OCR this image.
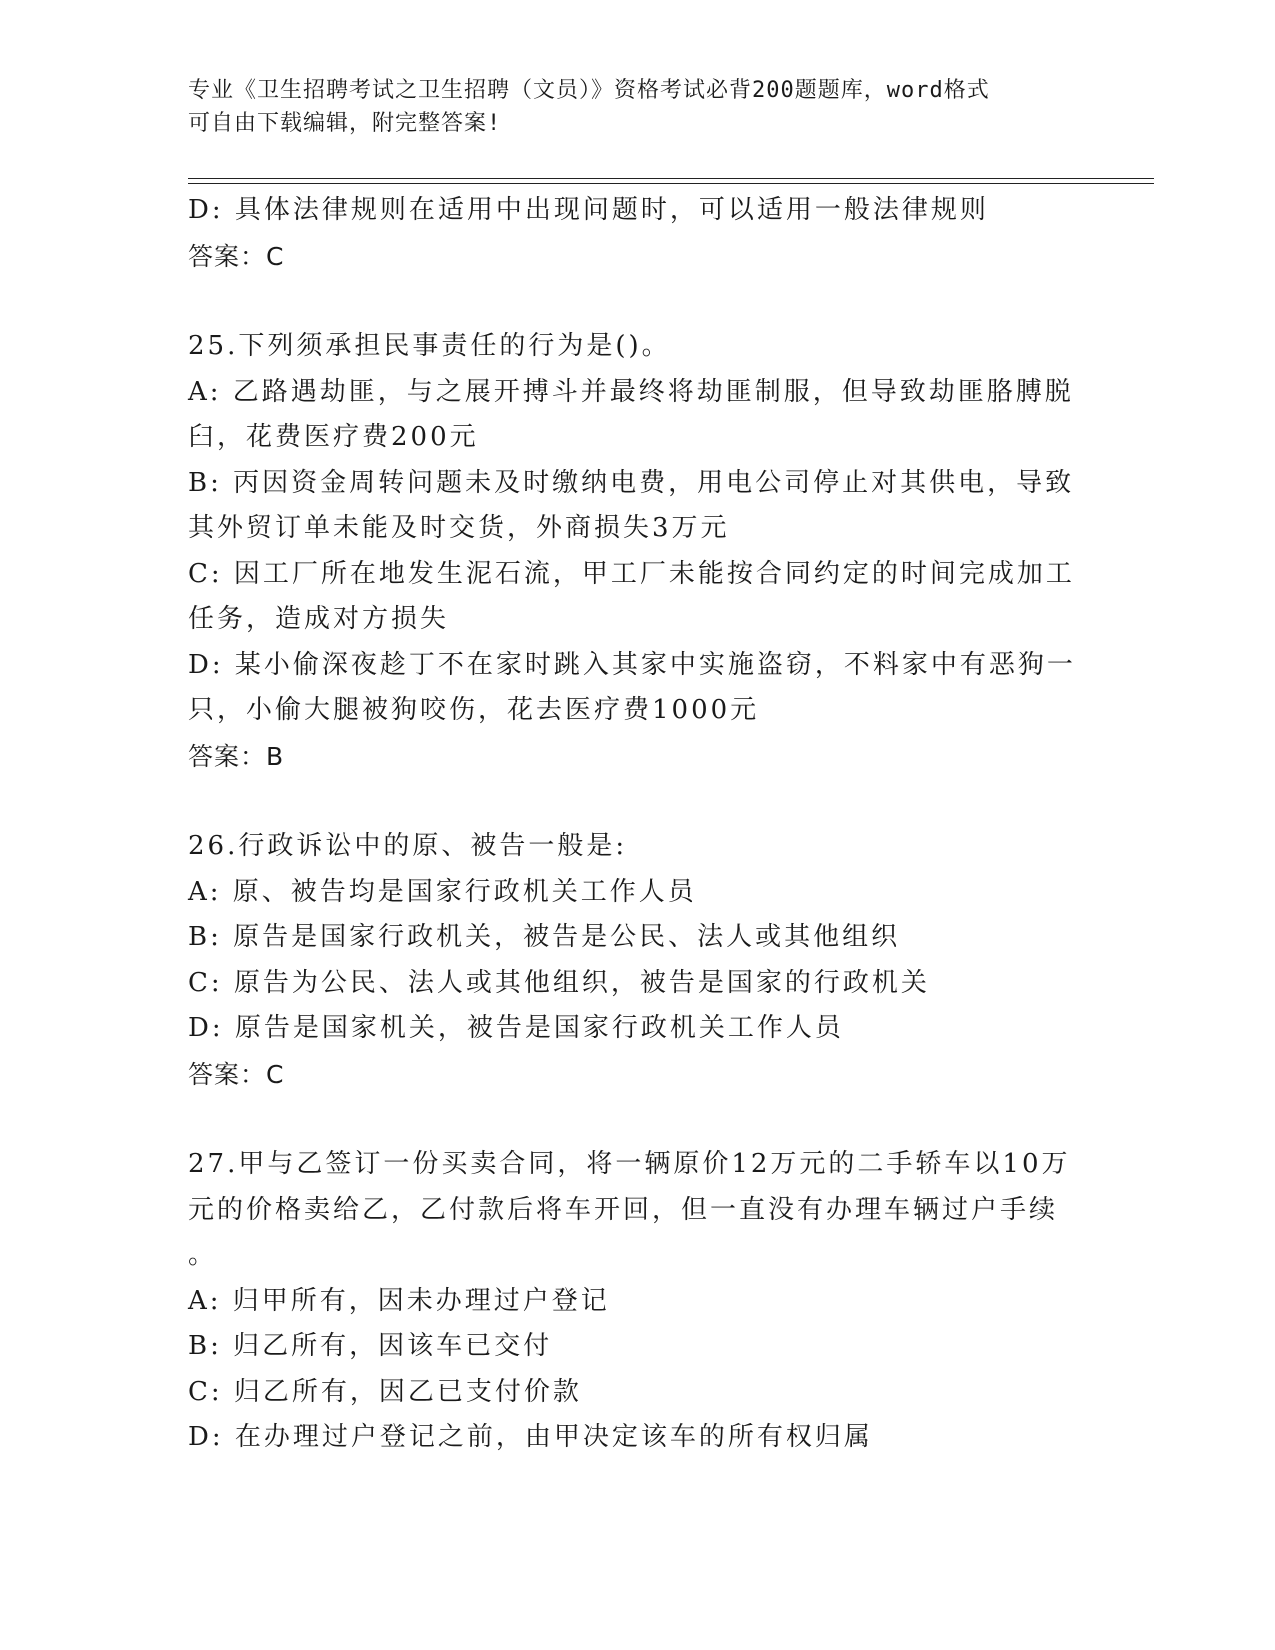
专业《卫生招聘考试之卫生招聘（文员）》资格考试必背200题题库，word格式
可自由下载编辑，附完整答案!
D: 具体法律规则在适用中出现问题时，可以适用一般法律规则
答案：C
25.下列须承担民事责任的行为是()。
A: 乙路遇劫匪，与之展开搏斗并最终将劫匪制服，但导致劫匪胳膊脱
臼，花费医疗费200元
B: 丙因资金周转问题未及时缴纳电费，用电公司停止对其供电，导致
其外贸订单未能及时交货，外商损失3万元
C: 因工厂所在地发生泥石流，甲工厂未能按合同约定的时间完成加工
任务，造成对方损失
D: 某小偷深夜趁丁不在家时跳入其家中实施盗窃，不料家中有恶狗一
只，小偷大腿被狗咬伤，花去医疗费1000元
答案：B
26.行政诉讼中的原、被告一般是:
A: 原、被告均是国家行政机关工作人员
B: 原告是国家行政机关，被告是公民、法人或其他组织
C: 原告为公民、法人或其他组织，被告是国家的行政机关
D: 原告是国家机关，被告是国家行政机关工作人员
答案：C
27.甲与乙签订一份买卖合同，将一辆原价12万元的二手轿车以10万
元的价格卖给乙，乙付款后将车开回，但一直没有办理车辆过户手续
。
A: 归甲所有，因未办理过户登记
B: 归乙所有，因该车已交付
C: 归乙所有，因乙已支付价款
D: 在办理过户登记之前，由甲决定该车的所有权归属
